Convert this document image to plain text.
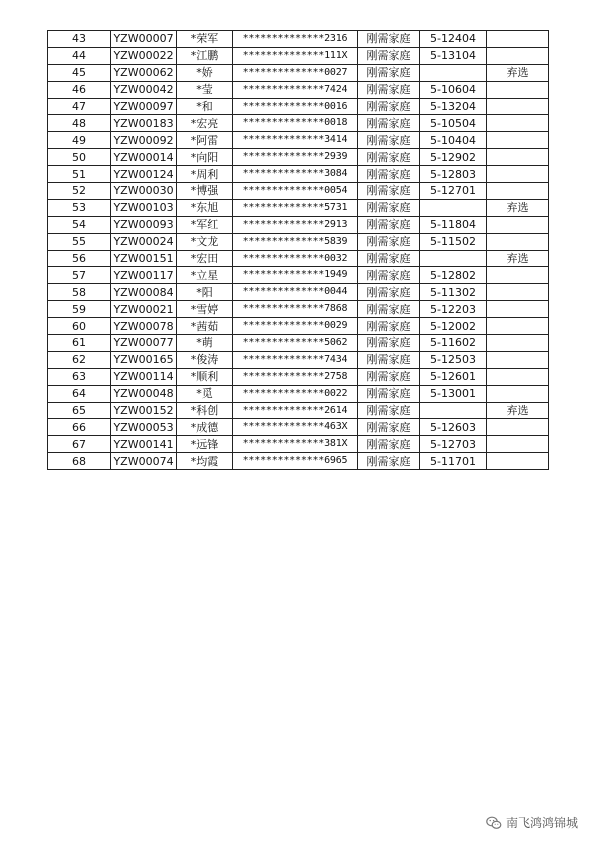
43	YZW00007	*荣军	**************2316	刚需家庭	5-12404	
44	YZW00022	*江鹏	**************111X	刚需家庭	5-13104	
45	YZW00062	*娇	**************0027	刚需家庭		弃选
46	YZW00042	*莹	**************7424	刚需家庭	5-10604	
47	YZW00097	*和	**************0016	刚需家庭	5-13204	
48	YZW00183	*宏亮	**************0018	刚需家庭	5-10504	
49	YZW00092	*阿雷	**************3414	刚需家庭	5-10404	
50	YZW00014	*向阳	**************2939	刚需家庭	5-12902	
51	YZW00124	*周利	**************3084	刚需家庭	5-12803	
52	YZW00030	*博强	**************0054	刚需家庭	5-12701	
53	YZW00103	*东旭	**************5731	刚需家庭		弃选
54	YZW00093	*军红	**************2913	刚需家庭	5-11804	
55	YZW00024	*文龙	**************5839	刚需家庭	5-11502	
56	YZW00151	*宏田	**************0032	刚需家庭		弃选
57	YZW00117	*立星	**************1949	刚需家庭	5-12802	
58	YZW00084	*阳	**************0044	刚需家庭	5-11302	
59	YZW00021	*雪婷	**************7868	刚需家庭	5-12203	
60	YZW00078	*茜茹	**************0029	刚需家庭	5-12002	
61	YZW00077	*萌	**************5062	刚需家庭	5-11602	
62	YZW00165	*俊涛	**************7434	刚需家庭	5-12503	
63	YZW00114	*顺利	**************2758	刚需家庭	5-12601	
64	YZW00048	*觅	**************0022	刚需家庭	5-13001	
65	YZW00152	*科创	**************2614	刚需家庭		弃选
66	YZW00053	*成德	**************463X	刚需家庭	5-12603	
67	YZW00141	*远锋	**************381X	刚需家庭	5-12703	
68	YZW00074	*均霞	**************6965	刚需家庭	5-11701	
南飞鸿鸿锦城
